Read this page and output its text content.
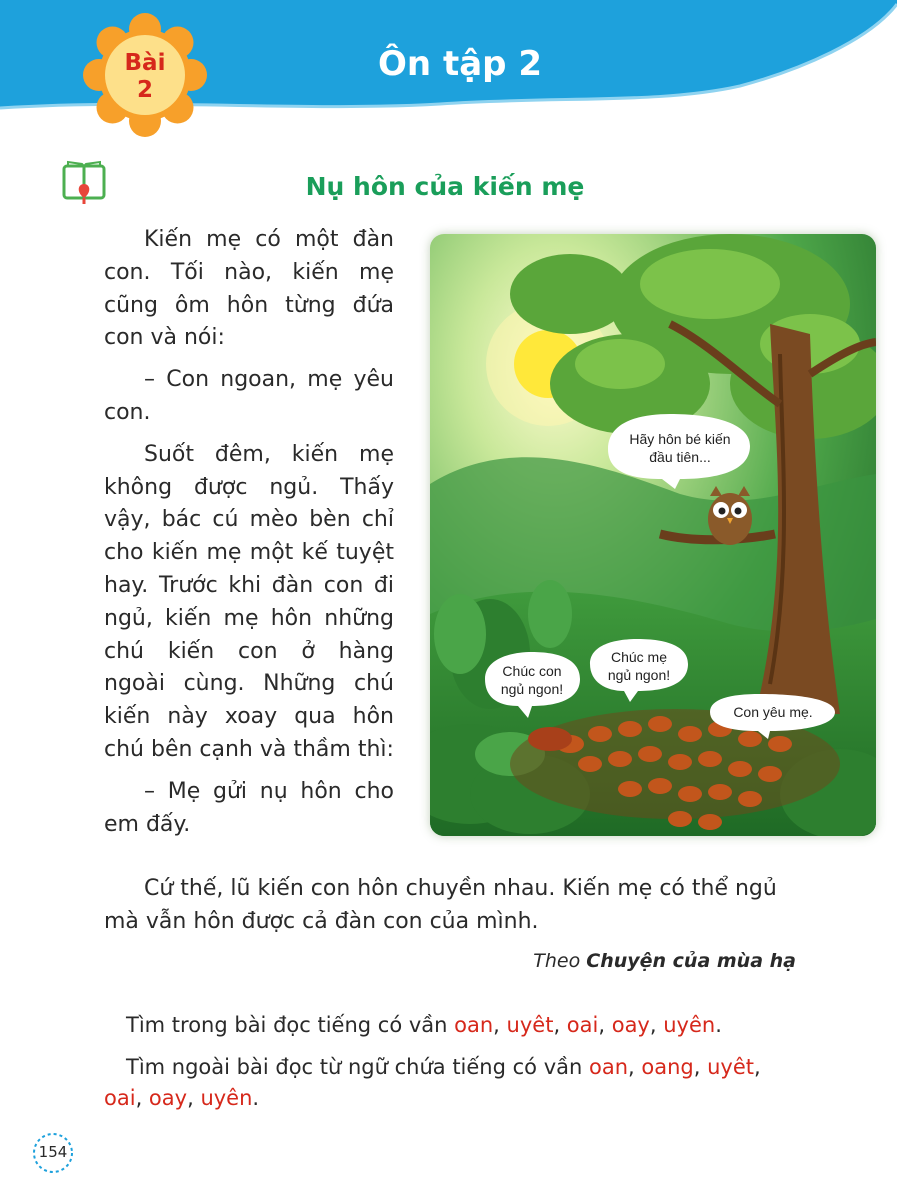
Bài
2
Ôn tập 2
Nụ hôn của kiến mẹ

Kiến mẹ có một đàn con. Tối nào, kiến mẹ cũng ôm hôn từng đứa con và nói:

– Con ngoan, mẹ yêu con.

Suốt đêm, kiến mẹ không được ngủ. Thấy vậy, bác cú mèo bèn chỉ cho kiến mẹ một kế tuyệt hay. Trước khi đàn con đi ngủ, kiến mẹ hôn những chú kiến con ở hàng ngoài cùng. Những chú kiến này xoay qua hôn chú bên cạnh và thầm thì:

– Mẹ gửi nụ hôn cho em đấy.

Hãy hôn bé kiến
đầu tiên...
Chúc con
ngủ ngon!
Chúc mẹ
ngủ ngon!
Con yêu mẹ.

Cứ thế, lũ kiến con hôn chuyền nhau. Kiến mẹ có thể ngủ mà vẫn hôn được cả đàn con của mình.

Theo Chuyện của mùa hạ

Tìm trong bài đọc tiếng có vần oan, uyêt, oai, oay, uyên.

Tìm ngoài bài đọc từ ngữ chứa tiếng có vần oan, oang, uyêt, oai, oay, uyên.

154
